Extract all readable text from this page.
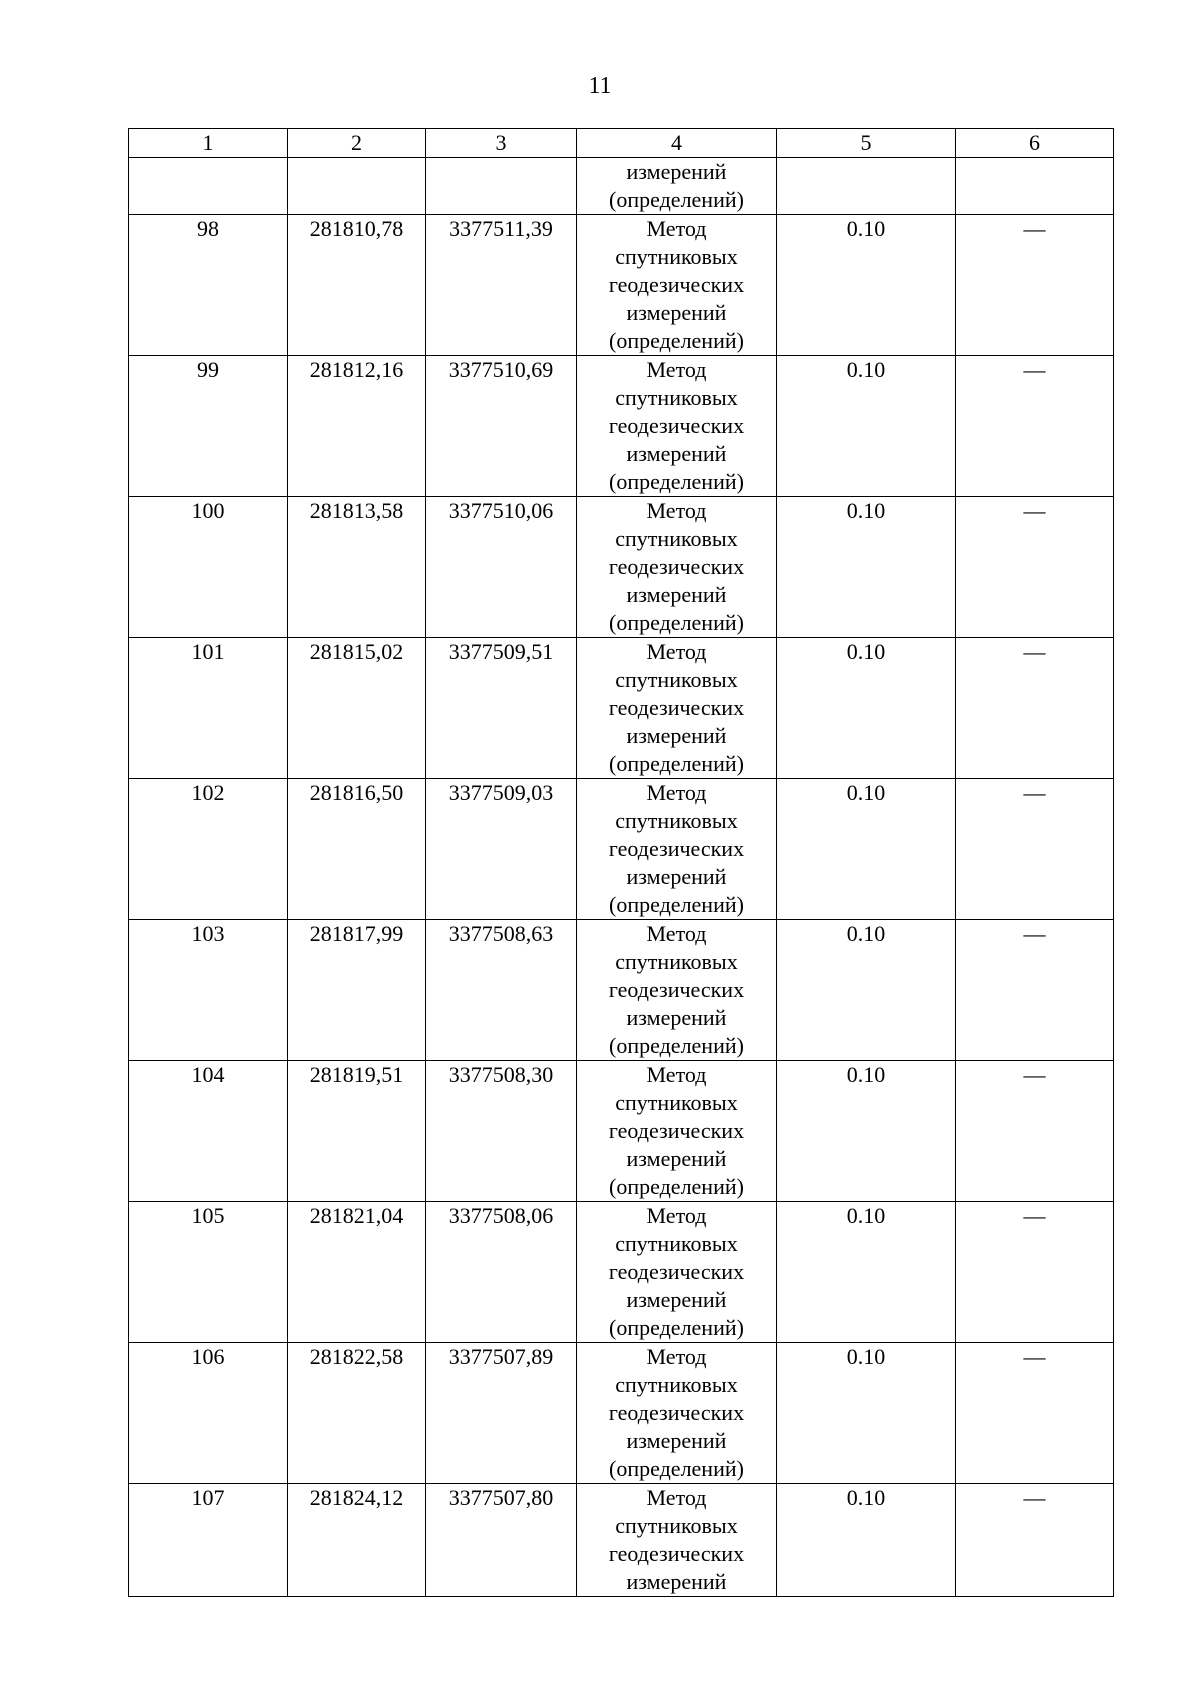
11
1	2	3	4	5	6

			измерений
(определений)		

98	281810,78	3377511,39	Метод
спутниковых
геодезических
измерений
(определений)	0.10	—
99	281812,16	3377510,69	Метод
спутниковых
геодезических
измерений
(определений)	0.10	—
100	281813,58	3377510,06	Метод
спутниковых
геодезических
измерений
(определений)	0.10	—
101	281815,02	3377509,51	Метод
спутниковых
геодезических
измерений
(определений)	0.10	—
102	281816,50	3377509,03	Метод
спутниковых
геодезических
измерений
(определений)	0.10	—
103	281817,99	3377508,63	Метод
спутниковых
геодезических
измерений
(определений)	0.10	—
104	281819,51	3377508,30	Метод
спутниковых
геодезических
измерений
(определений)	0.10	—
105	281821,04	3377508,06	Метод
спутниковых
геодезических
измерений
(определений)	0.10	—
106	281822,58	3377507,89	Метод
спутниковых
геодезических
измерений
(определений)	0.10	—
107	281824,12	3377507,80	Метод
спутниковых
геодезических
измерений	0.10	—
